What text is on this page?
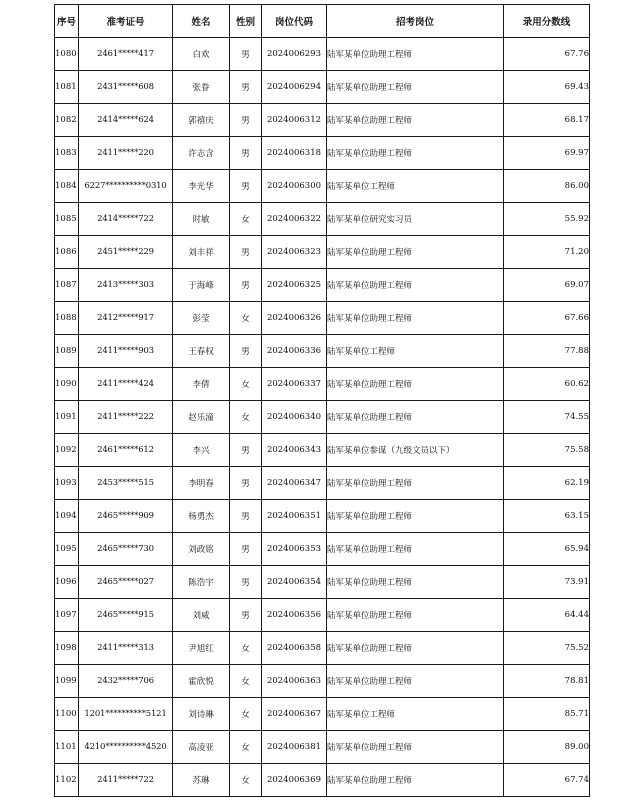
序号	准考证号	姓名	性别	岗位代码	招考岗位	录用分数线
1080	2461*****417	白欢	男	2024006293	陆军某单位助理工程师	67.76
1081	2431*****608	张眷	男	2024006294	陆军某单位助理工程师	69.43
1082	2414*****624	郭禧庆	男	2024006312	陆军某单位助理工程师	68.17
1083	2411*****220	许志含	男	2024006318	陆军某单位助理工程师	69.97
1084	6227**********0310	李光华	男	2024006300	陆军某单位工程师	86.00
1085	2414*****722	时敏	女	2024006322	陆军某单位研究实习员	55.92
1086	2451*****229	刘丰祥	男	2024006323	陆军某单位助理工程师	71.20
1087	2413*****303	于海峰	男	2024006325	陆军某单位助理工程师	69.07
1088	2412*****917	彭莹	女	2024006326	陆军某单位助理工程师	67.66
1089	2411*****903	王春权	男	2024006336	陆军某单位工程师	77.88
1090	2411*****424	李倩	女	2024006337	陆军某单位助理工程师	60.62
1091	2411*****222	赵乐潼	女	2024006340	陆军某单位助理工程师	74.55
1092	2461*****612	李兴	男	2024006343	陆军某单位参谋（九级文员以下）	75.58
1093	2453*****515	李明春	男	2024006347	陆军某单位助理工程师	62.19
1094	2465*****909	杨勇杰	男	2024006351	陆军某单位助理工程师	63.15
1095	2465*****730	刘政铭	男	2024006353	陆军某单位助理工程师	65.94
1096	2465*****027	陈浩宇	男	2024006354	陆军某单位助理工程师	73.91
1097	2465*****915	刘威	男	2024006356	陆军某单位助理工程师	64.44
1098	2411*****313	尹旭红	女	2024006358	陆军某单位助理工程师	75.52
1099	2432*****706	霍欣悦	女	2024006363	陆军某单位助理工程师	78.81
1100	1201**********5121	刘诗琳	女	2024006367	陆军某单位工程师	85.71
1101	4210**********4520	高凌亚	女	2024006381	陆军某单位助理工程师	89.00
1102	2411*****722	苏琳	女	2024006369	陆军某单位助理工程师	67.74
